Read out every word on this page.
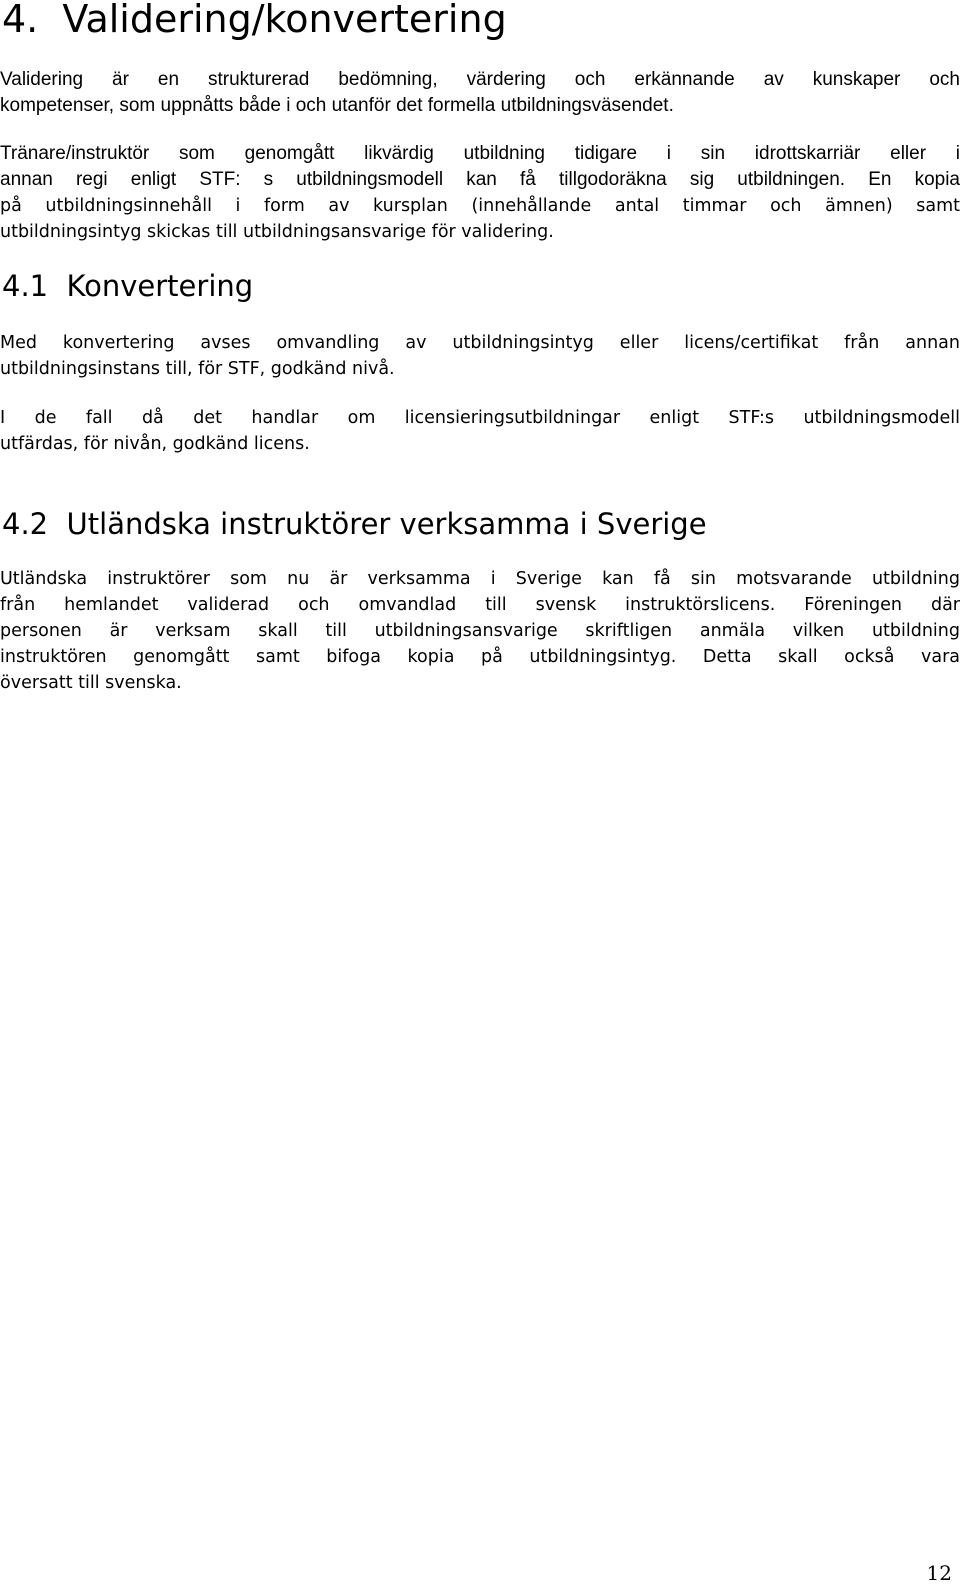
4.  Validering/konvertering
Validering är en strukturerad bedömning, värdering och erkännande av kunskaper och
kompetenser, som uppnåtts både i och utanför det formella utbildningsväsendet.
Tränare/instruktör som genomgått likvärdig utbildning tidigare i sin idrottskarriär eller i
annan regi enligt STF: s utbildningsmodell kan få tillgodoräkna sig utbildningen. En kopia
på utbildningsinnehåll i form av kursplan (innehållande antal timmar och ämnen) samt
utbildningsintyg skickas till utbildningsansvarige för validering.
4.1  Konvertering
Med konvertering avses omvandling av utbildningsintyg eller licens/certifikat från annan
utbildningsinstans till, för STF, godkänd nivå.
I de fall då det handlar om licensieringsutbildningar enligt STF:s utbildningsmodell
utfärdas, för nivån, godkänd licens.
4.2  Utländska instruktörer verksamma i Sverige
Utländska instruktörer som nu är verksamma i Sverige kan få sin motsvarande utbildning
från hemlandet validerad och omvandlad till svensk instruktörslicens. Föreningen där
personen är verksam skall till utbildningsansvarige skriftligen anmäla vilken utbildning
instruktören genomgått samt bifoga kopia på utbildningsintyg. Detta skall också vara
översatt till svenska.
12
